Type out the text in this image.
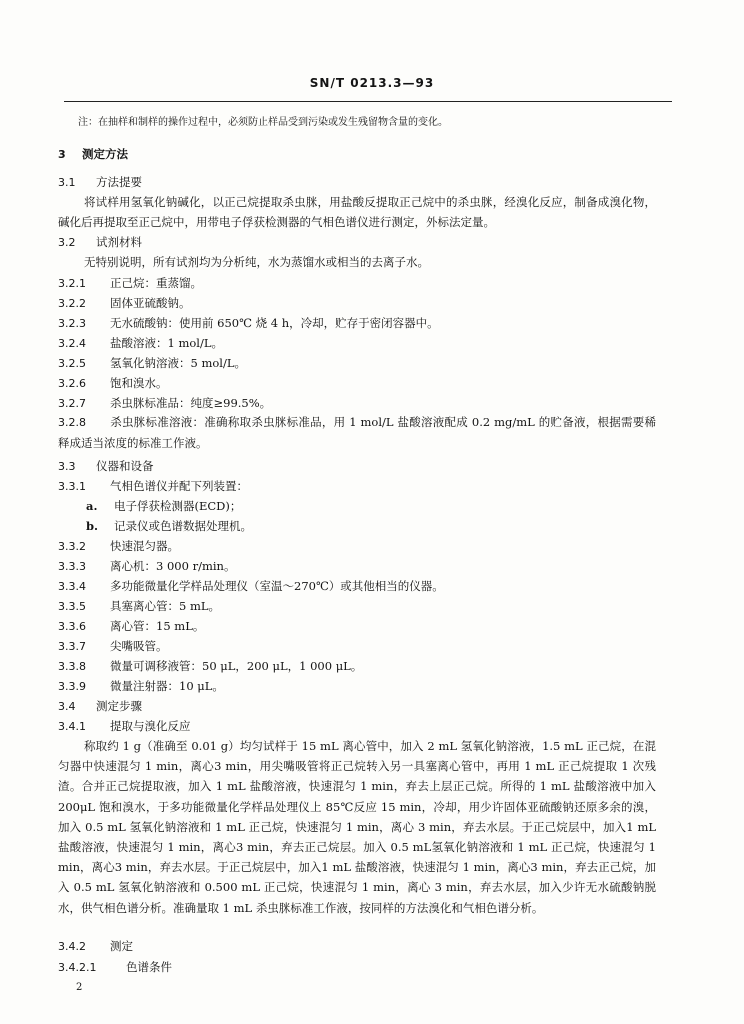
SN/T 0213.3—93
注：在抽样和制样的操作过程中，必须防止样品受到污染或发生残留物含量的变化。
3 测定方法
3.1 方法提要
将试样用氢氧化钠碱化，以正己烷提取杀虫脒，用盐酸反提取正己烷中的杀虫脒，经溴化反应，制备成溴化物，碱化后再提取至正己烷中，用带电子俘获检测器的气相色谱仪进行测定，外标法定量。
3.2 试剂材料
无特别说明，所有试剂均为分析纯，水为蒸馏水或相当的去离子水。
3.2.1 正己烷：重蒸馏。
3.2.2 固体亚硫酸钠。
3.2.3 无水硫酸钠：使用前 650℃ 烧 4 h，冷却，贮存于密闭容器中。
3.2.4 盐酸溶液：1 mol/L。
3.2.5 氢氧化钠溶液：5 mol/L。
3.2.6 饱和溴水。
3.2.7 杀虫脒标准品：纯度≥99.5%。
3.2.8 杀虫脒标准溶液：准确称取杀虫脒标准品，用 1 mol/L 盐酸溶液配成 0.2 mg/mL 的贮备液，根据需要稀释成适当浓度的标准工作液。
3.3 仪器和设备
3.3.1 气相色谱仪并配下列装置：
a. 电子俘获检测器(ECD)；
b. 记录仪或色谱数据处理机。
3.3.2 快速混匀器。
3.3.3 离心机：3 000 r/min。
3.3.4 多功能微量化学样品处理仪（室温～270℃）或其他相当的仪器。
3.3.5 具塞离心管：5 mL。
3.3.6 离心管：15 mL。
3.3.7 尖嘴吸管。
3.3.8 微量可调移液管：50 μL，200 μL，1 000 μL。
3.3.9 微量注射器：10 μL。
3.4 测定步骤
3.4.1 提取与溴化反应
称取约 1 g（准确至 0.01 g）均匀试样于 15 mL 离心管中，加入 2 mL 氢氧化钠溶液，1.5 mL 正己烷，在混匀器中快速混匀 1 min，离心3 min，用尖嘴吸管将正己烷转入另一具塞离心管中，再用 1 mL 正己烷提取 1 次残渣。合并正己烷提取液，加入 1 mL 盐酸溶液，快速混匀 1 min，弃去上层正己烷。所得的 1 mL 盐酸溶液中加入 200μL 饱和溴水，于多功能微量化学样品处理仪上 85℃反应 15 min，冷却，用少许固体亚硫酸钠还原多余的溴，加入 0.5 mL 氢氧化钠溶液和 1 mL 正己烷，快速混匀 1 min，离心 3 min，弃去水层。于正己烷层中，加入1 mL盐酸溶液，快速混匀 1 min，离心3 min，弃去正己烷层。加入 0.5 mL氢氧化钠溶液和 1 mL 正己烷，快速混匀 1 min，离心3 min，弃去水层。于正己烷层中，加入1 mL 盐酸溶液，快速混匀 1 min，离心3 min，弃去正己烷，加入 0.5 mL 氢氧化钠溶液和 0.500 mL 正己烷，快速混匀 1 min，离心 3 min，弃去水层，加入少许无水硫酸钠脱水，供气相色谱分析。准确量取 1 mL 杀虫脒标准工作液，按同样的方法溴化和气相色谱分析。
3.4.2 测定
3.4.2.1	色谱条件
2
